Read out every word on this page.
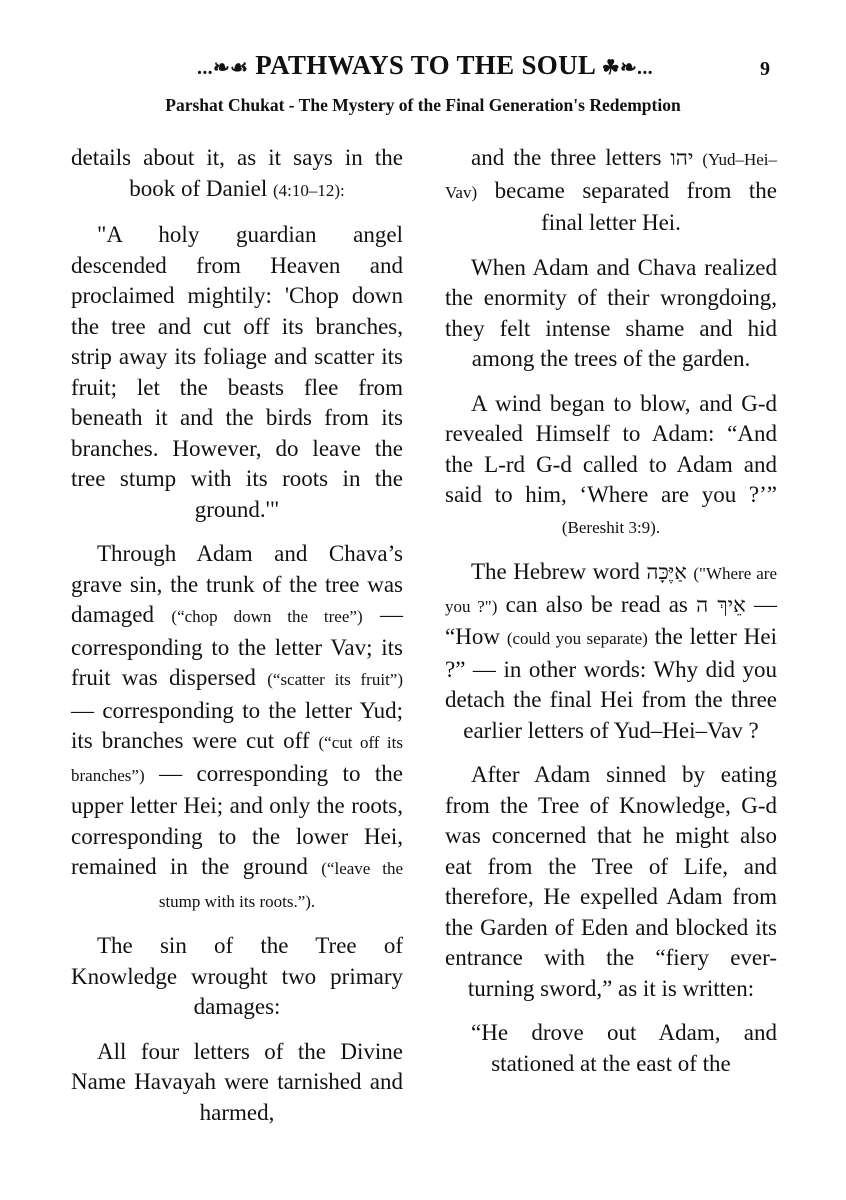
...❧☙ PATHWAYS TO THE SOUL ☘❧...	9
Parshat Chukat - The Mystery of the Final Generation's Redemption

details about it, as it says in the book of Daniel (4:10–12):

"A holy guardian angel descended from Heaven and proclaimed mightily: 'Chop down the tree and cut off its branches, strip away its foliage and scatter its fruit; let the beasts flee from beneath it and the birds from its branches. However, do leave the tree stump with its roots in the ground.'"

Through Adam and Chava’s grave sin, the trunk of the tree was damaged (“chop down the tree”) — corresponding to the letter Vav; its fruit was dispersed (“scatter its fruit”) — corresponding to the letter Yud; its branches were cut off (“cut off its branches”) — corresponding to the upper letter Hei; and only the roots, corresponding to the lower Hei, remained in the ground (“leave the stump with its roots.”).

The sin of the Tree of Knowledge wrought two primary damages:

All four letters of the Divine Name Havayah were tarnished and harmed,

and the three letters יהו (Yud–Hei–Vav) became separated from the final letter Hei.

When Adam and Chava realized the enormity of their wrongdoing, they felt intense shame and hid among the trees of the garden.

A wind began to blow, and G-d revealed Himself to Adam: “And the L-rd G-d called to Adam and said to him, ‘Where are you ?’” (Bereshit 3:9).

The Hebrew word אַיֶּכָּה ("Where are you ?") can also be read as אֵיךְ ה — “How (could you separate) the letter Hei ?” — in other words: Why did you detach the final Hei from the three earlier letters of Yud–Hei–Vav ?

After Adam sinned by eating from the Tree of Knowledge, G-d was concerned that he might also eat from the Tree of Life, and therefore, He expelled Adam from the Garden of Eden and blocked its entrance with the “fiery ever-turning sword,” as it is written:

“He drove out Adam, and stationed at the east of the
